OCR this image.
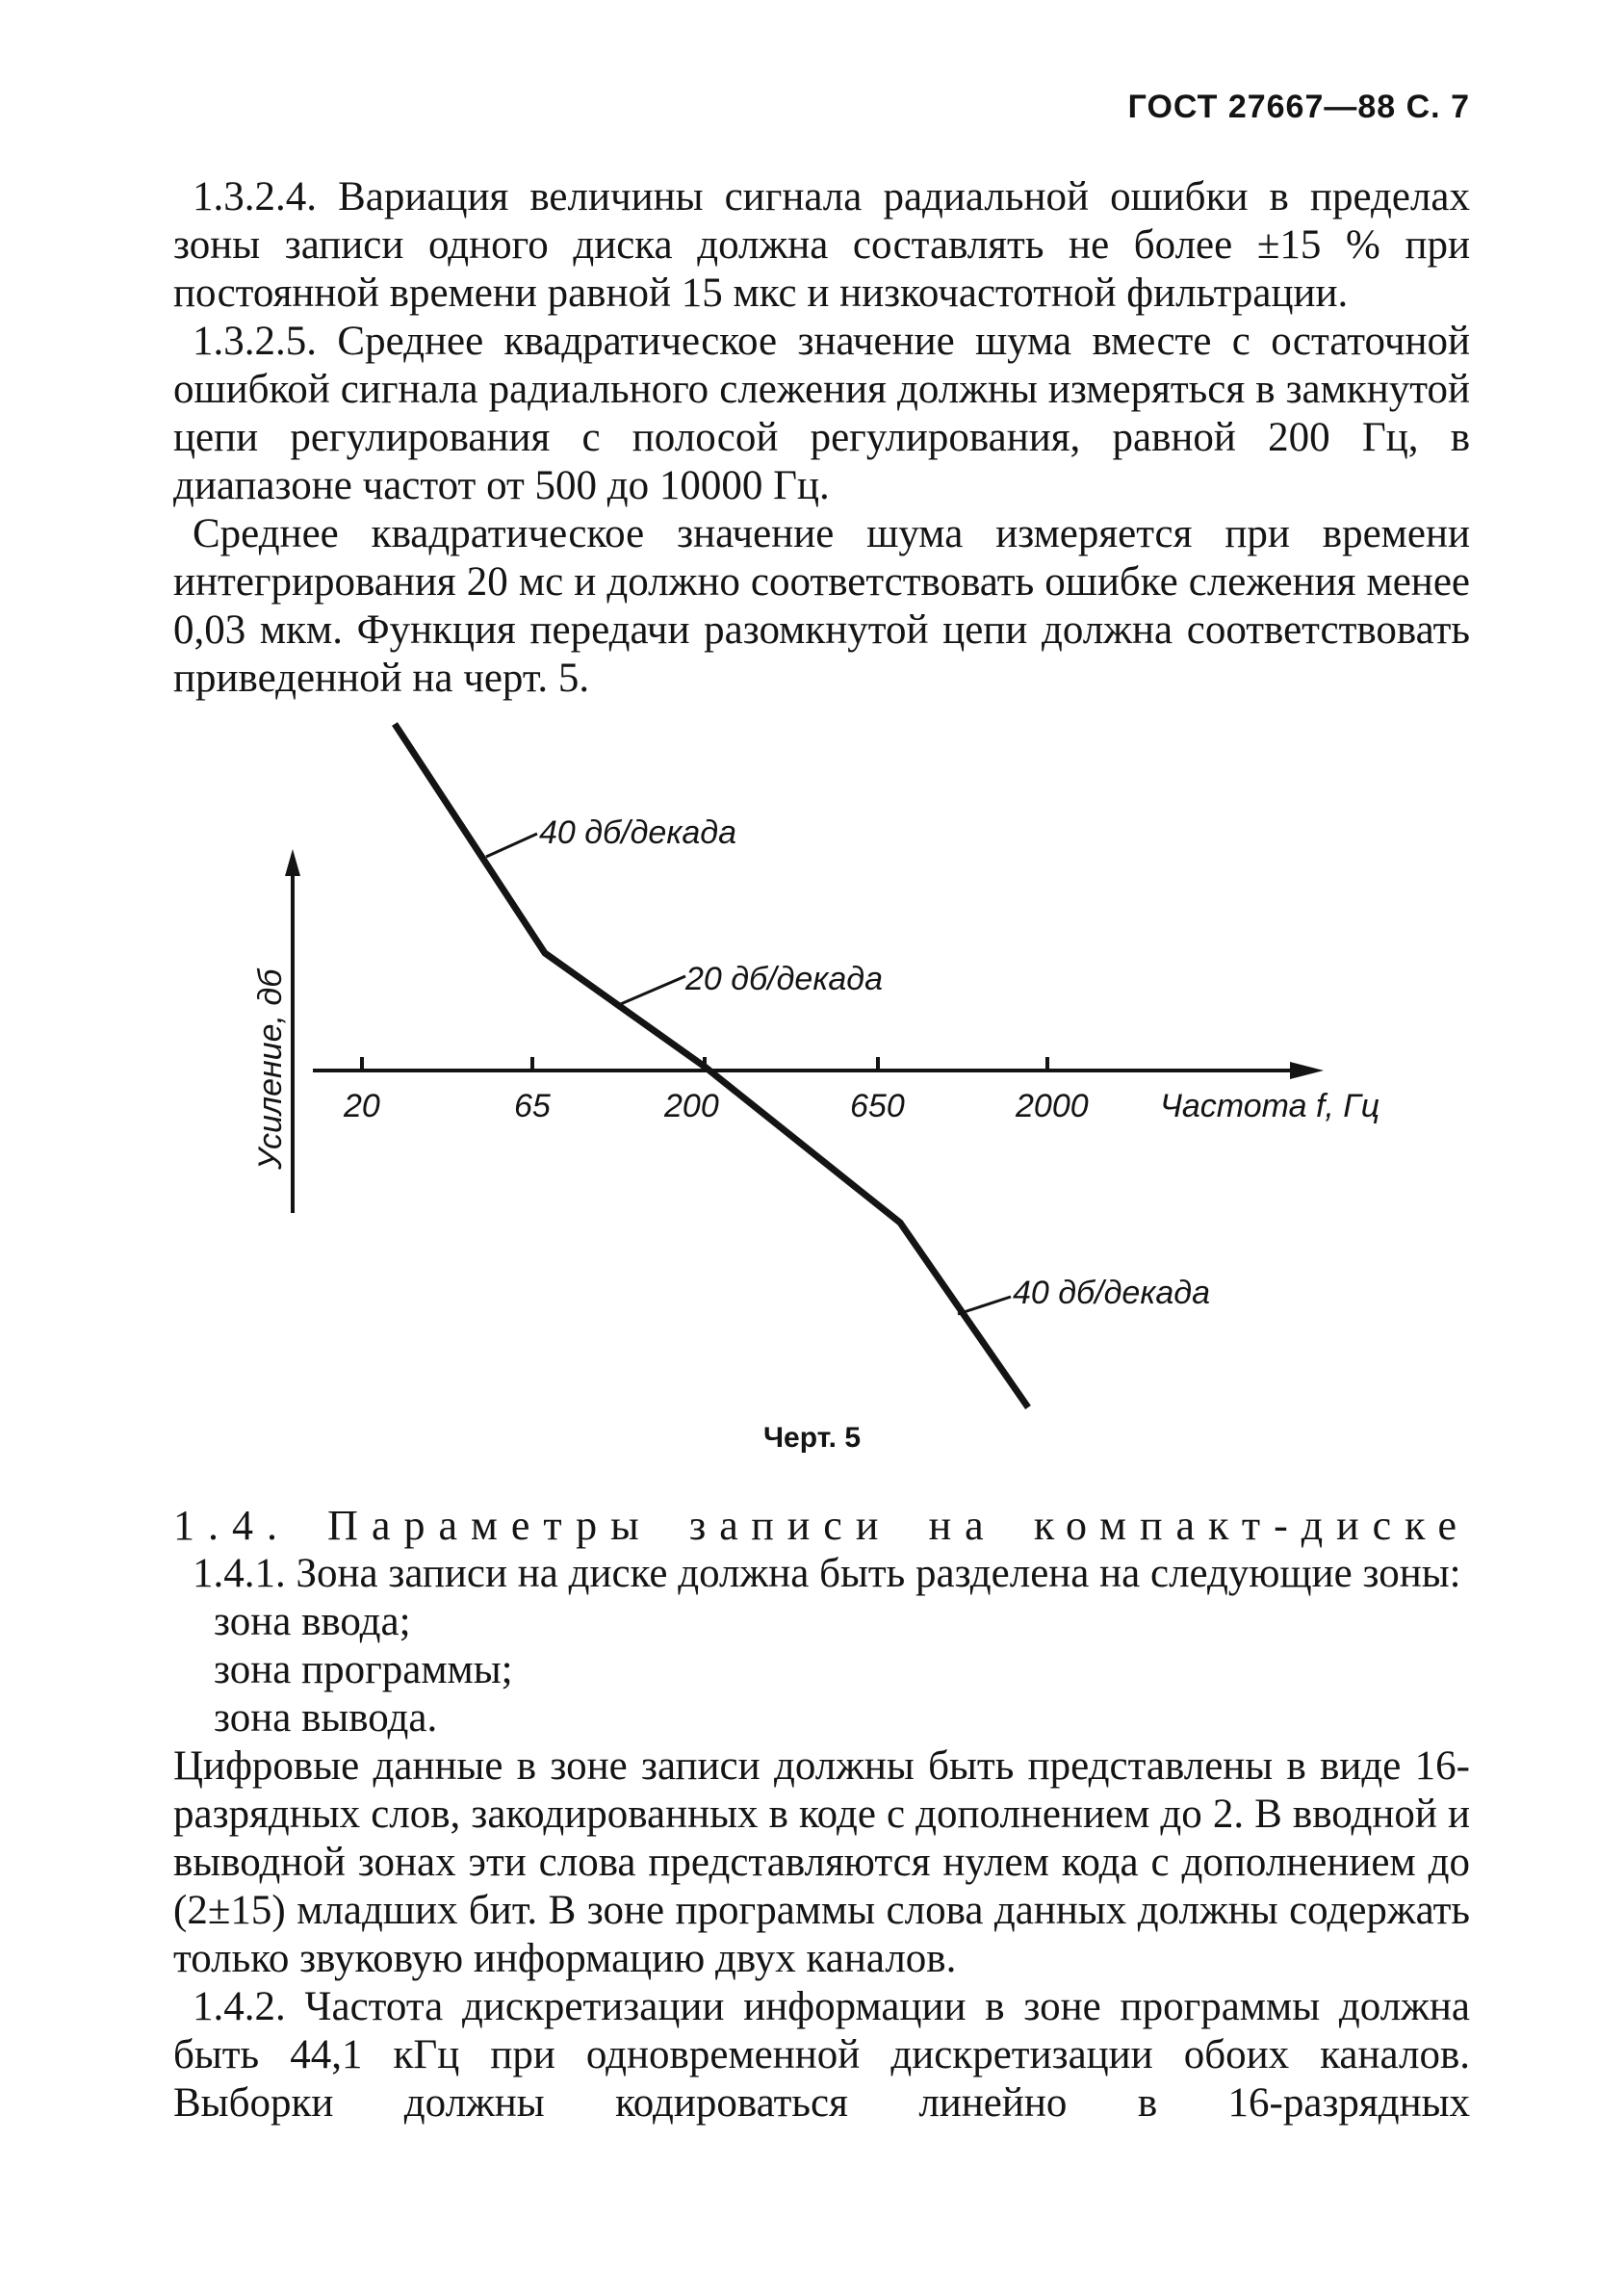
ГОСТ 27667—88 С. 7

1.3.2.4. Вариация величины сигнала радиальной ошибки в пределах зоны записи одного диска должна составлять не более ±15 % при постоянной времени равной 15 мкс и низкочастотной фильтрации.

1.3.2.5. Среднее квадратическое значение шума вместе с остаточной ошибкой сигнала радиального слежения должны измеряться в замкнутой цепи регулирования с полосой регулирования, равной 200 Гц, в диапазоне частот от 500 до 10000 Гц.

Среднее квадратическое значение шума измеряется при времени интегрирования 20 мс и должно соответствовать ошибке слежения менее 0,03 мкм. Функция передачи разомкнутой цепи должна соответствовать приведенной на черт. 5.

40 дб/декада
20 дб/декада
40 дб/декада
20	65	200	650	2000 Частота f, Гц
Усиление, дб
Черт. 5

1.4. Параметры записи на компакт-диске

1.4.1. Зона записи на диске должна быть разделена на следующие зоны:

зона ввода;

зона программы;

зона вывода.

Цифровые данные в зоне записи должны быть представлены в виде 16-разрядных слов, закодированных в коде с дополнением до 2. В вводной и выводной зонах эти слова представляются нулем кода с дополнением до (2±15) младших бит. В зоне программы слова данных должны содержать только звуковую информацию двух каналов.

1.4.2. Частота дискретизации информации в зоне программы должна быть 44,1 кГц при одновременной дискретизации обоих каналов. Выборки должны кодироваться линейно в 16-разрядных
